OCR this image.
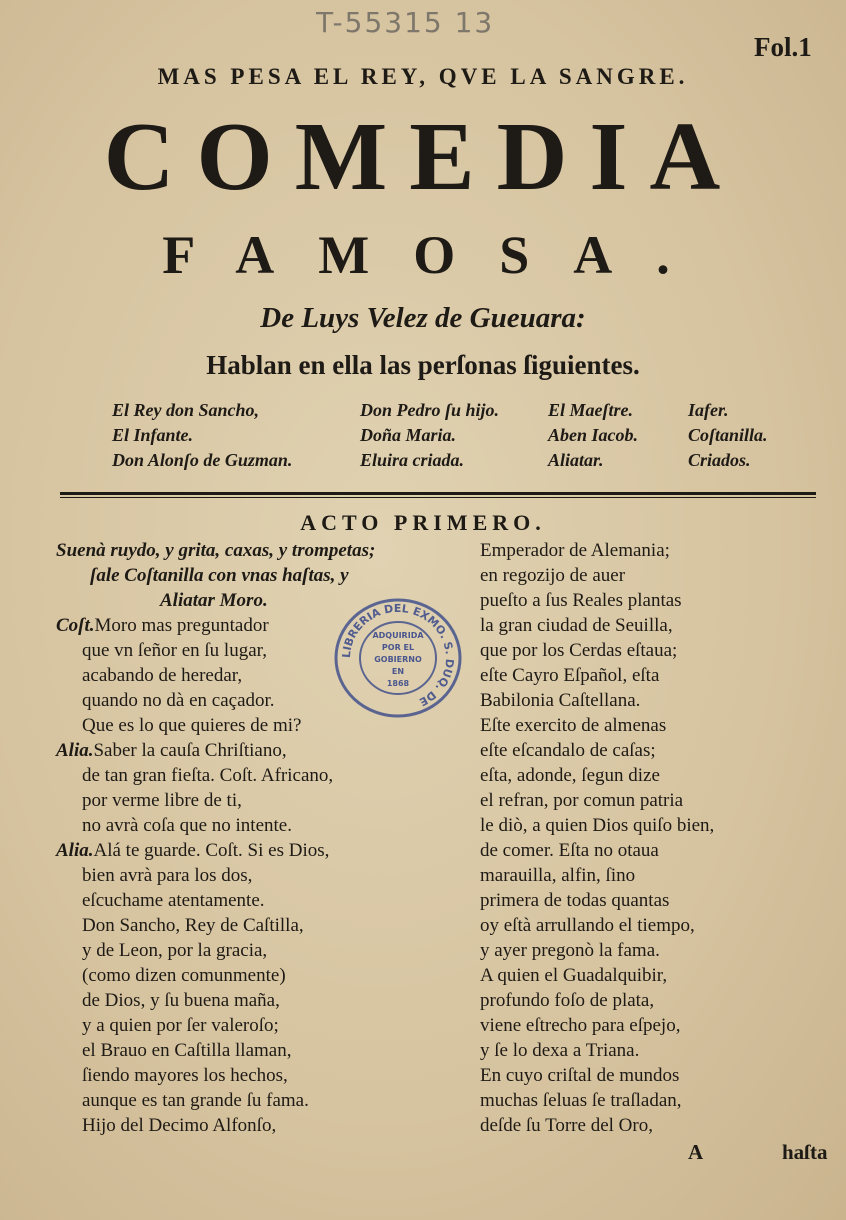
T-55315 13
Fol.1
MAS PESA EL REY, QVE LA SANGRE.
COMEDIA
FAMOSA.
De Luys Velez de Gueuara:
Hablan en ella las perſonas ſiguientes.
El Rey don Sancho,
El Infante.
Don Alonſo de Guzman.
Don Pedro ſu hijo.
Doña Maria.
Eluira criada.
El Maeſtre.
Aben Iacob.
Aliatar.
Iafer.
Coſtanilla.
Criados.
ACTO PRIMERO.
Suenà ruydo, y grita, caxas, y trompetas;
ſale Coſtanilla con vnas haſtas, y
Aliatar Moro.
Coſt.Moro mas preguntador
que vn ſeñor en ſu lugar,
acabando de heredar,
quando no dà en caçador.
Que es lo que quieres de mi?
Alia.Saber la cauſa Chriſtiano,
de tan gran fieſta. Coſt. Africano,
por verme libre de ti,
no avrà coſa que no intente.
Alia.Alá te guarde. Coſt. Si es Dios,
bien avrà para los dos,
eſcuchame atentamente.
Don Sancho, Rey de Caſtilla,
y de Leon, por la gracia,
(como dizen comunmente)
de Dios, y ſu buena maña,
y a quien por ſer valeroſo;
el Brauo en Caſtilla llaman,
ſiendo mayores los hechos,
aunque es tan grande ſu fama.
Hijo del Decimo Alfonſo,
Emperador de Alemania;
en regozijo de auer
pueſto a ſus Reales plantas
la gran ciudad de Seuilla,
que por los Cerdas eſtaua;
eſte Cayro Eſpañol, eſta
Babilonia Caſtellana.
Eſte exercito de almenas
eſte eſcandalo de caſas;
eſta, adonde, ſegun dize
el refran, por comun patria
le diò, a quien Dios quiſo bien,
de comer. Eſta no otaua
marauilla, alfin, ſino
primera de todas quantas
oy eſtà arrullando el tiempo,
y ayer pregonò la fama.
A quien el Guadalquibir,
profundo foſo de plata,
viene eſtrecho para eſpejo,
y ſe lo dexa a Triana.
En cuyo criſtal de mundos
muchas ſeluas ſe traſladan,
deſde ſu Torre del Oro,
A	haſta
LIBRERIA DEL EXMO. S. DUQ. DE
ADQUIRIDA
POR EL
GOBIERNO
EN
1868
